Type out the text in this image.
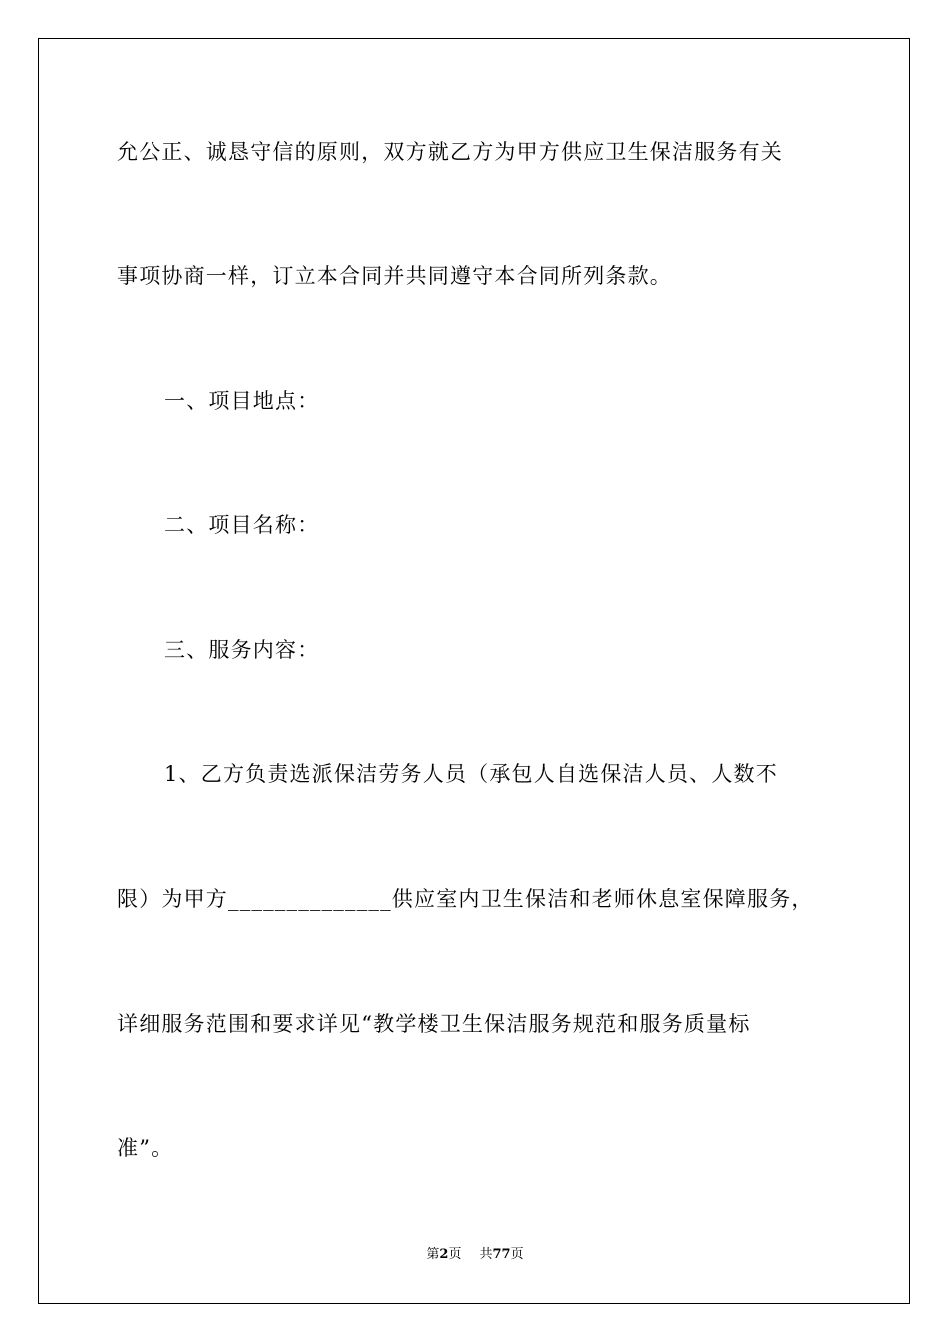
允公正、诚恳守信的原则，双方就乙方为甲方供应卫生保洁服务有关
事项协商一样，订立本合同并共同遵守本合同所列条款。
一、项目地点：
二、项目名称：
三、服务内容：
1、乙方负责选派保洁劳务人员（承包人自选保洁人员、人数不
限）为甲方______________供应室内卫生保洁和老师休息室保障服务，
详细服务范围和要求详见“教学楼卫生保洁服务规范和服务质量标
准”。
第2页 共77页
